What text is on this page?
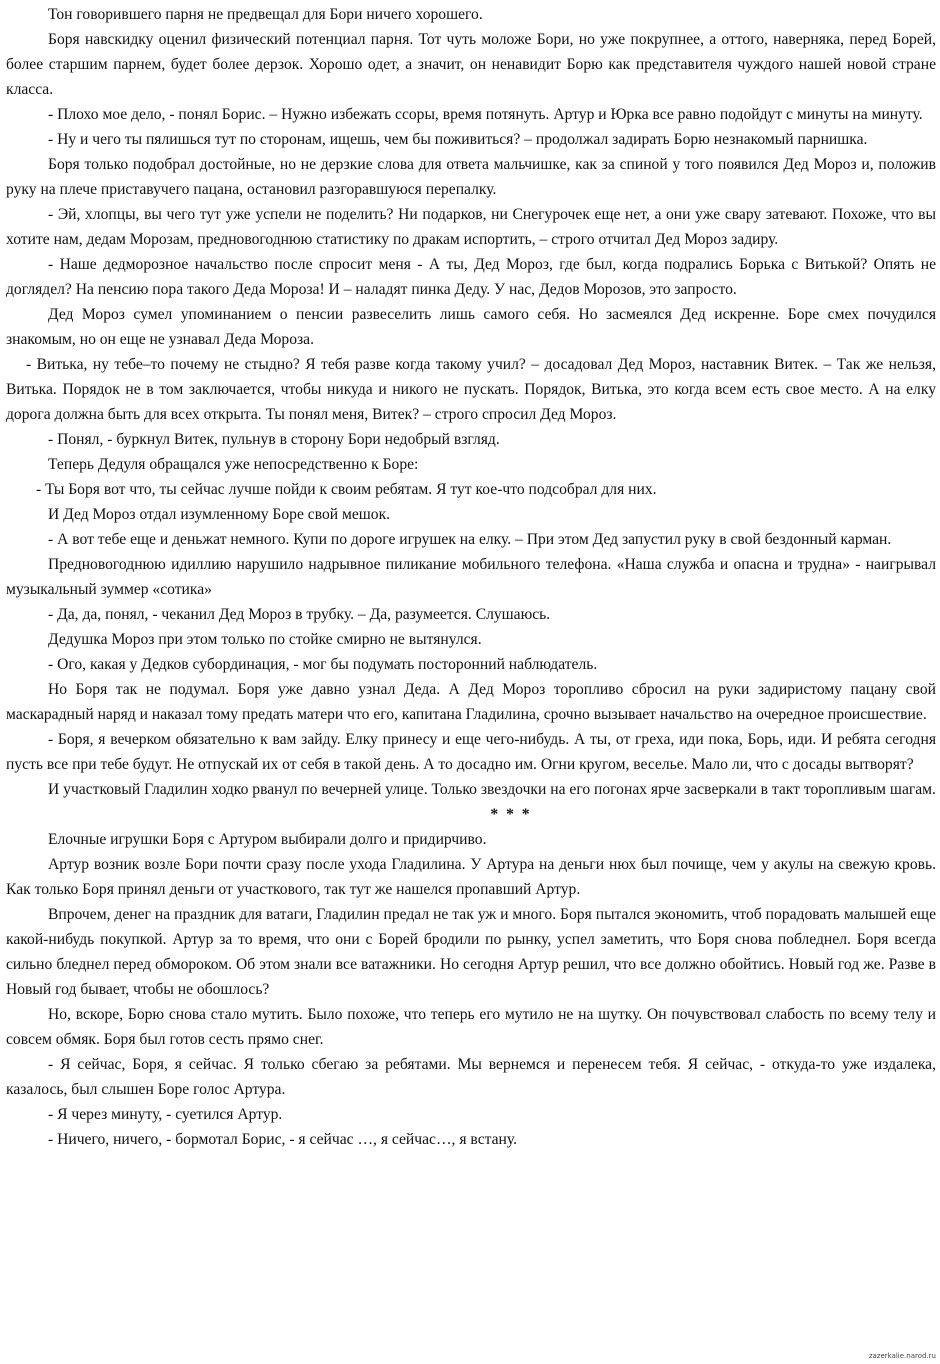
Тон говорившего парня не предвещал для Бори ничего хорошего.

Боря навскидку оценил физический потенциал парня. Тот чуть моложе Бори, но уже покрупнее, а оттого, наверняка, перед Борей, более старшим парнем, будет более дерзок. Хорошо одет, а значит, он ненавидит Борю как представителя чуждого нашей новой стране класса.

- Плохо мое дело, - понял Борис. – Нужно избежать ссоры, время потянуть. Артур и Юрка все равно подойдут с минуты на минуту.

- Ну и чего ты пялишься тут по сторонам, ищешь, чем бы поживиться? – продолжал задирать Борю незнакомый парнишка.

Боря только подобрал достойные, но не дерзкие слова для ответа мальчишке, как за спиной у того появился Дед Мороз и, положив руку на плече приставучего пацана, остановил разгоравшуюся перепалку.

- Эй, хлопцы, вы чего тут уже успели не поделить? Ни подарков, ни Снегурочек еще нет, а они уже свару затевают. Похоже, что вы хотите нам, дедам Морозам, предновогоднюю статистику по дракам испортить, – строго отчитал Дед Мороз задиру.

- Наше дедморозное начальство после спросит меня - А ты, Дед Мороз, где был, когда подрались Борька с Витькой? Опять не доглядел? На пенсию пора такого Деда Мороза! И – наладят пинка Деду. У нас, Дедов Морозов, это запросто.

Дед Мороз сумел упоминанием о пенсии развеселить лишь самого себя. Но засмеялся Дед искренне. Боре смех почудился знакомым, но он еще не узнавал Деда Мороза.

- Витька, ну тебе–то почему не стыдно? Я тебя разве когда такому учил? – досадовал Дед Мороз, наставник Витек. – Так же нельзя, Витька. Порядок не в том заключается, чтобы никуда и никого не пускать. Порядок, Витька, это когда всем есть свое место. А на елку дорога должна быть для всех открыта. Ты понял меня, Витек? – строго спросил Дед Мороз.

- Понял, - буркнул Витек, пульнув в сторону Бори недобрый взгляд.

Теперь Дедуля обращался уже непосредственно к Боре:

- Ты Боря вот что, ты сейчас лучше пойди к своим ребятам. Я тут кое-что подсобрал для них.

И Дед Мороз отдал изумленному Боре свой мешок.

- А вот тебе еще и деньжат немного. Купи по дороге игрушек на елку. – При этом Дед запустил руку в свой бездонный карман.

Предновогоднюю идиллию нарушило надрывное пиликание мобильного телефона. «Наша служба и опасна и трудна» - наигрывал музыкальный зуммер «сотика»

- Да, да, понял, - чеканил Дед Мороз в трубку. – Да, разумеется. Слушаюсь.

Дедушка Мороз при этом только по стойке смирно не вытянулся.

- Ого, какая у Дедков субординация, - мог бы подумать посторонний наблюдатель.

Но Боря так не подумал. Боря уже давно узнал Деда. А Дед Мороз торопливо сбросил на руки задиристому пацану свой маскарадный наряд и наказал тому предать матери что его, капитана Гладилина, срочно вызывает начальство на очередное происшествие.

- Боря, я вечерком обязательно к вам зайду. Елку принесу и еще чего-нибудь. А ты, от греха, иди пока, Борь, иди. И ребята сегодня пусть все при тебе будут. Не отпускай их от себя в такой день. А то досадно им. Огни кругом, веселье. Мало ли, что с досады вытворят?

И участковый Гладилин ходко рванул по вечерней улице. Только звездочки на его погонах ярче засверкали в такт торопливым шагам.

* * *

Елочные игрушки Боря с Артуром выбирали долго и придирчиво.

Артур возник возле Бори почти сразу после ухода Гладилина. У Артура на деньги нюх был почище, чем у акулы на свежую кровь. Как только Боря принял деньги от участкового, так тут же нашелся пропавший Артур.

Впрочем, денег на праздник для ватаги, Гладилин предал не так уж и много. Боря пытался экономить, чтоб порадовать малышей еще какой-нибудь покупкой. Артур за то время, что они с Борей бродили по рынку, успел заметить, что Боря снова побледнел. Боря всегда сильно бледнел перед обмороком. Об этом знали все ватажники. Но сегодня Артур решил, что все должно обойтись. Новый год же. Разве в Новый год бывает, чтобы не обошлось?

Но, вскоре, Борю снова стало мутить. Было похоже, что теперь его мутило не на шутку. Он почувствовал слабость по всему телу и совсем обмяк. Боря был готов сесть прямо снег.

- Я сейчас, Боря, я сейчас. Я только сбегаю за ребятами. Мы вернемся и перенесем тебя. Я сейчас, - откуда-то уже издалека, казалось, был слышен Боре голос Артура.

- Я через минуту, - суетился Артур.

- Ничего, ничего, - бормотал Борис, - я сейчас …, я сейчас…, я встану.

zazerkalie.narod.ru
